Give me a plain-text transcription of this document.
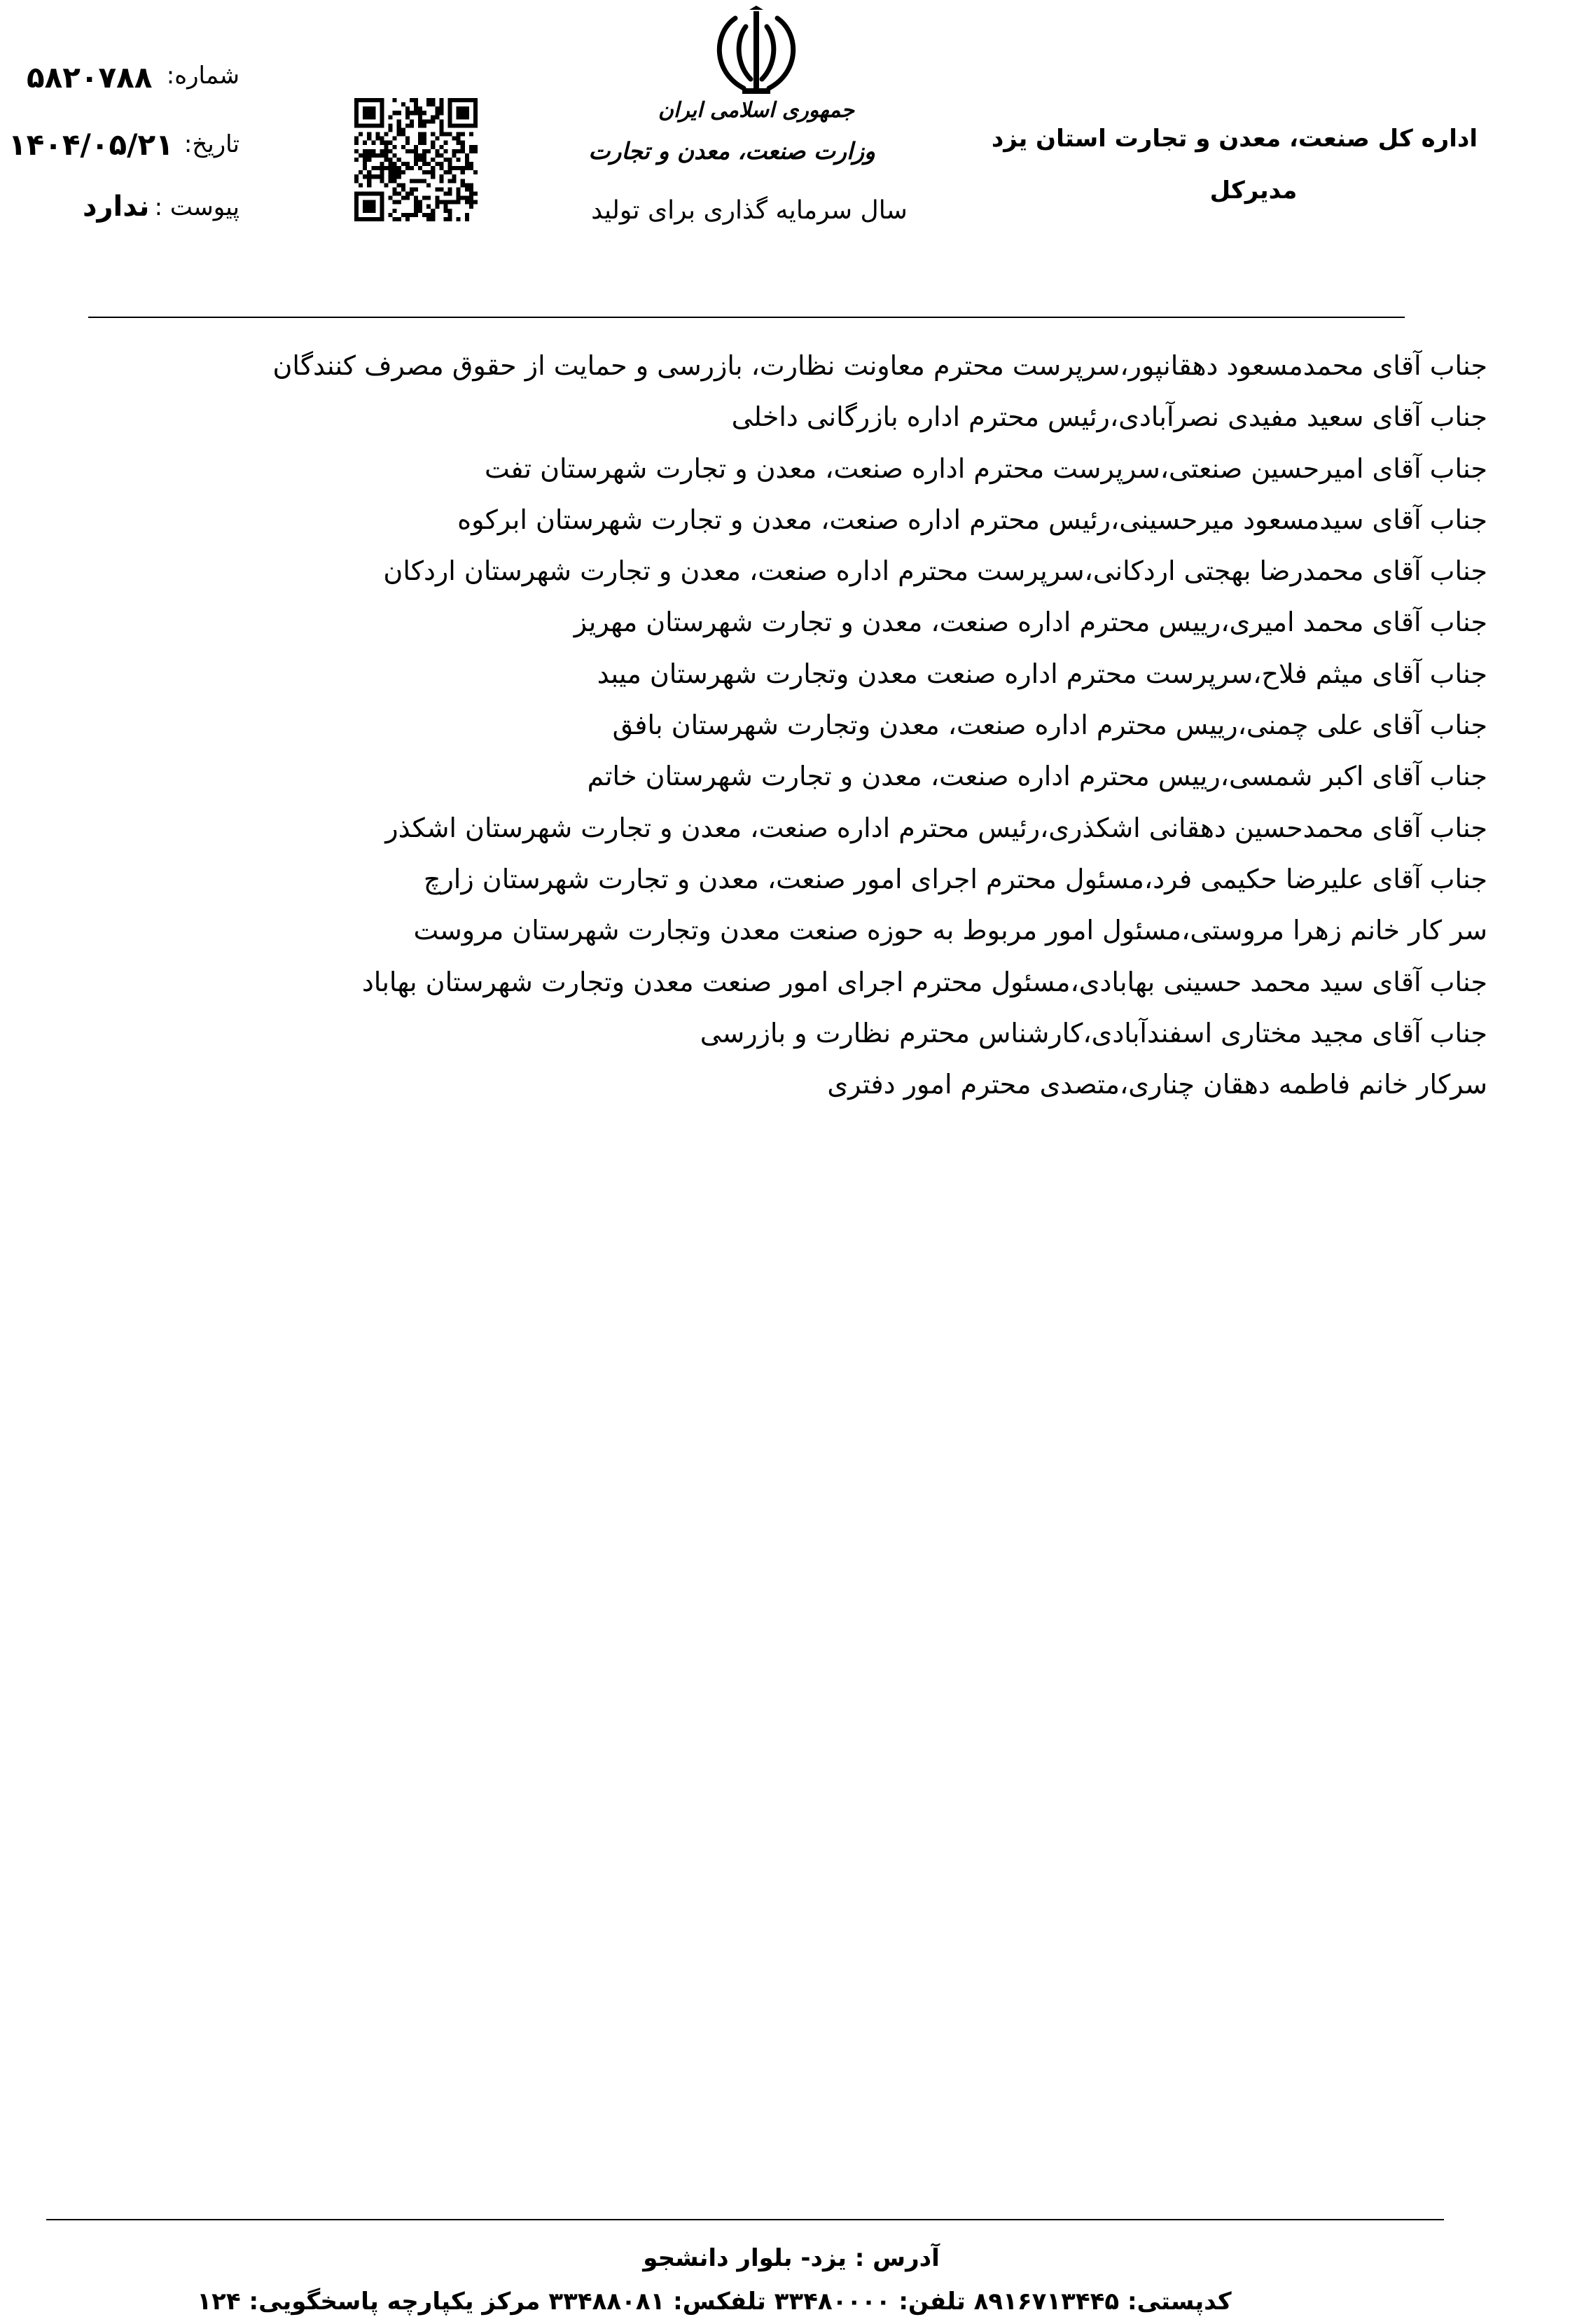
شماره:
۵۸۲۰۷۸۸
تاریخ:
۱۴۰۴/۰۵/۲۱
پیوست :
ندارد
جمهوری اسلامی ایران
وزارت صنعت، معدن و تجارت
سال سرمایه گذاری برای تولید
اداره کل صنعت، معدن و تجارت استان یزد
مدیرکل
جناب آقای محمدمسعود دهقانپور،سرپرست محترم معاونت نظارت، بازرسی و حمایت از حقوق مصرف کنندگان
جناب آقای سعید مفیدی نصرآبادی،رئیس محترم اداره بازرگانی داخلی
جناب آقای امیرحسین صنعتی،سرپرست محترم اداره صنعت، معدن و تجارت شهرستان تفت
جناب آقای سیدمسعود میرحسینی،رئیس محترم اداره صنعت، معدن و تجارت شهرستان ابرکوه
جناب آقای محمدرضا بهجتی اردکانی،سرپرست محترم اداره صنعت، معدن و تجارت شهرستان اردکان
جناب آقای محمد امیری،رییس محترم اداره صنعت، معدن و تجارت شهرستان مهریز
جناب آقای میثم فلاح،سرپرست محترم اداره صنعت معدن وتجارت شهرستان میبد
جناب آقای علی چمنی،رییس محترم اداره صنعت، معدن وتجارت شهرستان بافق
جناب آقای اکبر شمسی،رییس محترم اداره صنعت، معدن و تجارت شهرستان خاتم
جناب آقای محمدحسین دهقانی اشکذری،رئیس محترم اداره صنعت، معدن و تجارت شهرستان اشکذر
جناب آقای علیرضا حکیمی فرد،مسئول محترم اجرای امور صنعت، معدن و تجارت شهرستان زارچ
سر کار خانم زهرا مروستی،مسئول امور مربوط به حوزه صنعت معدن وتجارت شهرستان مروست
جناب آقای سید محمد حسینی بهابادی،مسئول محترم اجرای امور صنعت معدن وتجارت شهرستان بهاباد
جناب آقای مجید مختاری اسفندآبادی،کارشناس محترم نظارت و بازرسی
سرکار خانم فاطمه دهقان چناری،متصدی محترم امور دفتری
آدرس : یزد- بلوار دانشجو
کدپستی: ۸۹۱۶۷۱۳۴۴۵ تلفن: ۳۳۴۸۰۰۰۰ تلفکس: ۳۳۴۸۸۰۸۱ مرکز یکپارچه پاسخگویی: ۱۲۴
